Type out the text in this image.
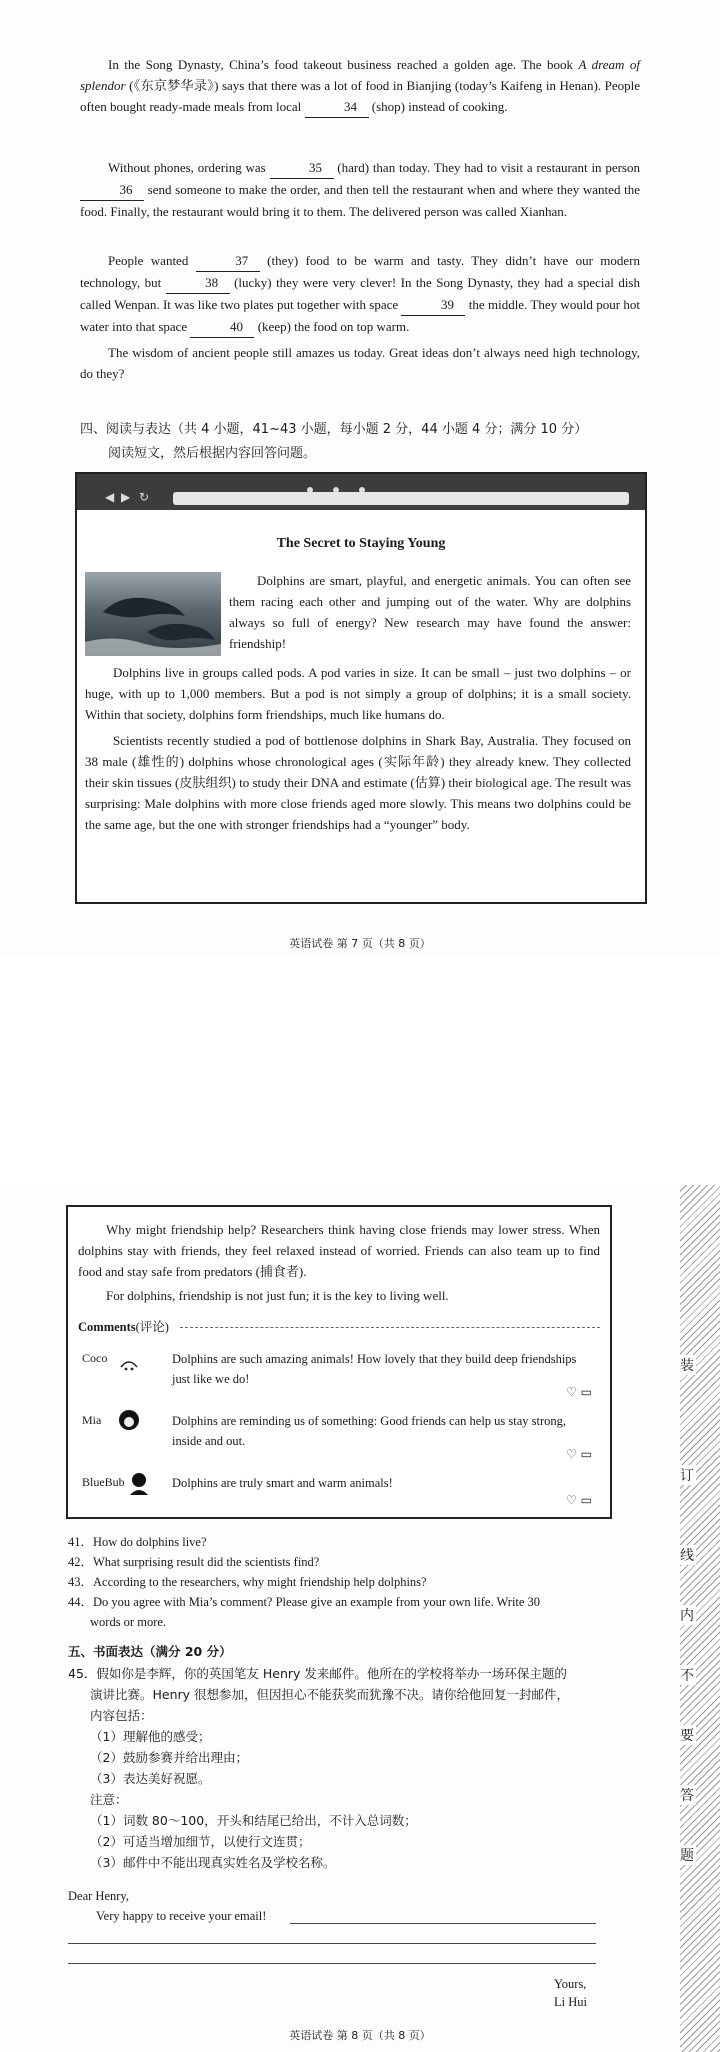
In the Song Dynasty, China’s food takeout business reached a golden age. The book A dream of splendor (《东京梦华录》) says that there was a lot of food in Bianjing (today’s Kaifeng in Henan). People often bought ready-made meals from local	34 (shop) instead of cooking.
Without phones, ordering was	35 (hard) than today. They had to visit a restaurant in person 36 send someone to make the order, and then tell the restaurant when and where they wanted the food. Finally, the restaurant would bring it to them. The delivered person was called Xianhan.
People wanted	37 (they) food to be warm and tasty. They didn’t have our modern technology, but	38 (lucky) they were very clever! In the Song Dynasty, they had a special dish called Wenpan. It was like two plates put together with space	39 the middle. They would pour hot water into that space	40 (keep) the food on top warm.
The wisdom of ancient people still amazes us today. Great ideas don’t always need high technology, do they?
四、阅读与表达（共 4 小题，41~43 小题，每小题 2 分，44 小题 4 分；满分 10 分）
阅读短文，然后根据内容回答问题。
◀ ▶ ↻
The Secret to Staying Young
Dolphins are smart, playful, and energetic animals. You can often see them racing each other and jumping out of the water. Why are dolphins always so full of energy? New research may have found the answer: friendship!
Dolphins live in groups called pods. A pod varies in size. It can be small – just two dolphins – or huge, with up to 1,000 members. But a pod is not simply a group of dolphins; it is a small society. Within that society, dolphins form friendships, much like humans do.
Scientists recently studied a pod of bottlenose dolphins in Shark Bay, Australia. They focused on 38 male (雄性的) dolphins whose chronological ages (实际年龄) they already knew. They collected their skin tissues (皮肤组织) to study their DNA and estimate (估算) their biological age. The result was surprising: Male dolphins with more close friends aged more slowly. This means two dolphins could be the same age, but the one with stronger friendships had a “younger” body.
英语试卷 第 7 页（共 8 页）
Why might friendship help? Researchers think having close friends may lower stress. When dolphins stay with friends, they feel relaxed instead of worried. Friends can also team up to find food and stay safe from predators (捕食者).
For dolphins, friendship is not just fun; it is the key to living well.
Comments(评论)
Coco	Dolphins are such amazing animals! How lovely that they build deep friendships just like we do!
♡ ▭
Mia	Dolphins are reminding us of something: Good friends can help us stay strong, inside and out.
♡ ▭
BlueBub	Dolphins are truly smart and warm animals!
♡ ▭
41．How do dolphins live?
42．What surprising result did the scientists find?
43．According to the researchers, why might friendship help dolphins?
44．Do you agree with Mia’s comment? Please give an example from your own life. Write 30
words or more.
五、书面表达（满分 20 分）
45．假如你是李辉，你的英国笔友 Henry 发来邮件。他所在的学校将举办一场环保主题的
演讲比赛。Henry 很想参加，但因担心不能获奖而犹豫不决。请你给他回复一封邮件，
内容包括：
（1）理解他的感受；
（2）鼓励参赛并给出理由；
（3）表达美好祝愿。
注意：
（1）词数 80～100，开头和结尾已给出，不计入总词数；
（2）可适当增加细节，以使行文连贯；
（3）邮件中不能出现真实姓名及学校名称。
Dear Henry,
Very happy to receive your email!
Yours,
Li Hui
装
订
线
内
不
要
答
题
英语试卷 第 8 页（共 8 页）
